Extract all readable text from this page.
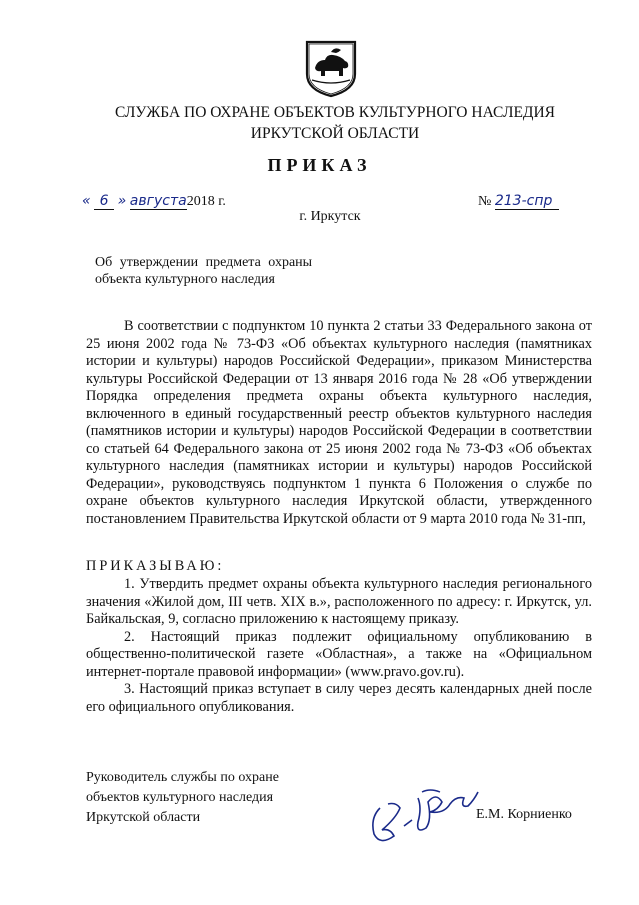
СЛУЖБА ПО ОХРАНЕ ОБЪЕКТОВ КУЛЬТУРНОГО НАСЛЕДИЯ ИРКУТСКОЙ ОБЛАСТИ
ПРИКАЗ
« 6 » августа2018 г.	№ 213-спр
г. Иркутск
Об утверждении предмета охраны
объекта культурного наследия

В соответствии с подпунктом 10 пункта 2 статьи 33 Федерального закона от 25 июня 2002 года № 73-ФЗ «Об объектах культурного наследия (памятниках истории и культуры) народов Российской Федерации», приказом Министерства культуры Российской Федерации от 13 января 2016 года № 28 «Об утверждении Порядка определения предмета охраны объекта культурного наследия, включенного в единый государственный реестр объектов культурного наследия (памятников истории и культуры) народов Российской Федерации в соответствии со статьей 64 Федерального закона от 25 июня 2002 года № 73-ФЗ «Об объектах культурного наследия (памятниках истории и культуры) народов Российской Федерации», руководствуясь подпунктом 1 пункта 6 Положения о службе по охране объектов культурного наследия Иркутской области, утвержденного постановлением Правительства Иркутской области от 9 марта 2010 года № 31-пп,

ПРИКАЗЫВАЮ:

1. Утвердить предмет охраны объекта культурного наследия регионального значения «Жилой дом, III четв. XIX в.», расположенного по адресу: г. Иркутск, ул. Байкальская, 9, согласно приложению к настоящему приказу.

2. Настоящий приказ подлежит официальному опубликованию в общественно-политической газете «Областная», а также на «Официальном интернет-портале правовой информации» (www.pravo.gov.ru).

3. Настоящий приказ вступает в силу через десять календарных дней после его официального опубликования.

Руководитель службы по охране
объектов культурного наследия
Иркутской области	Е.М. Корниенко
